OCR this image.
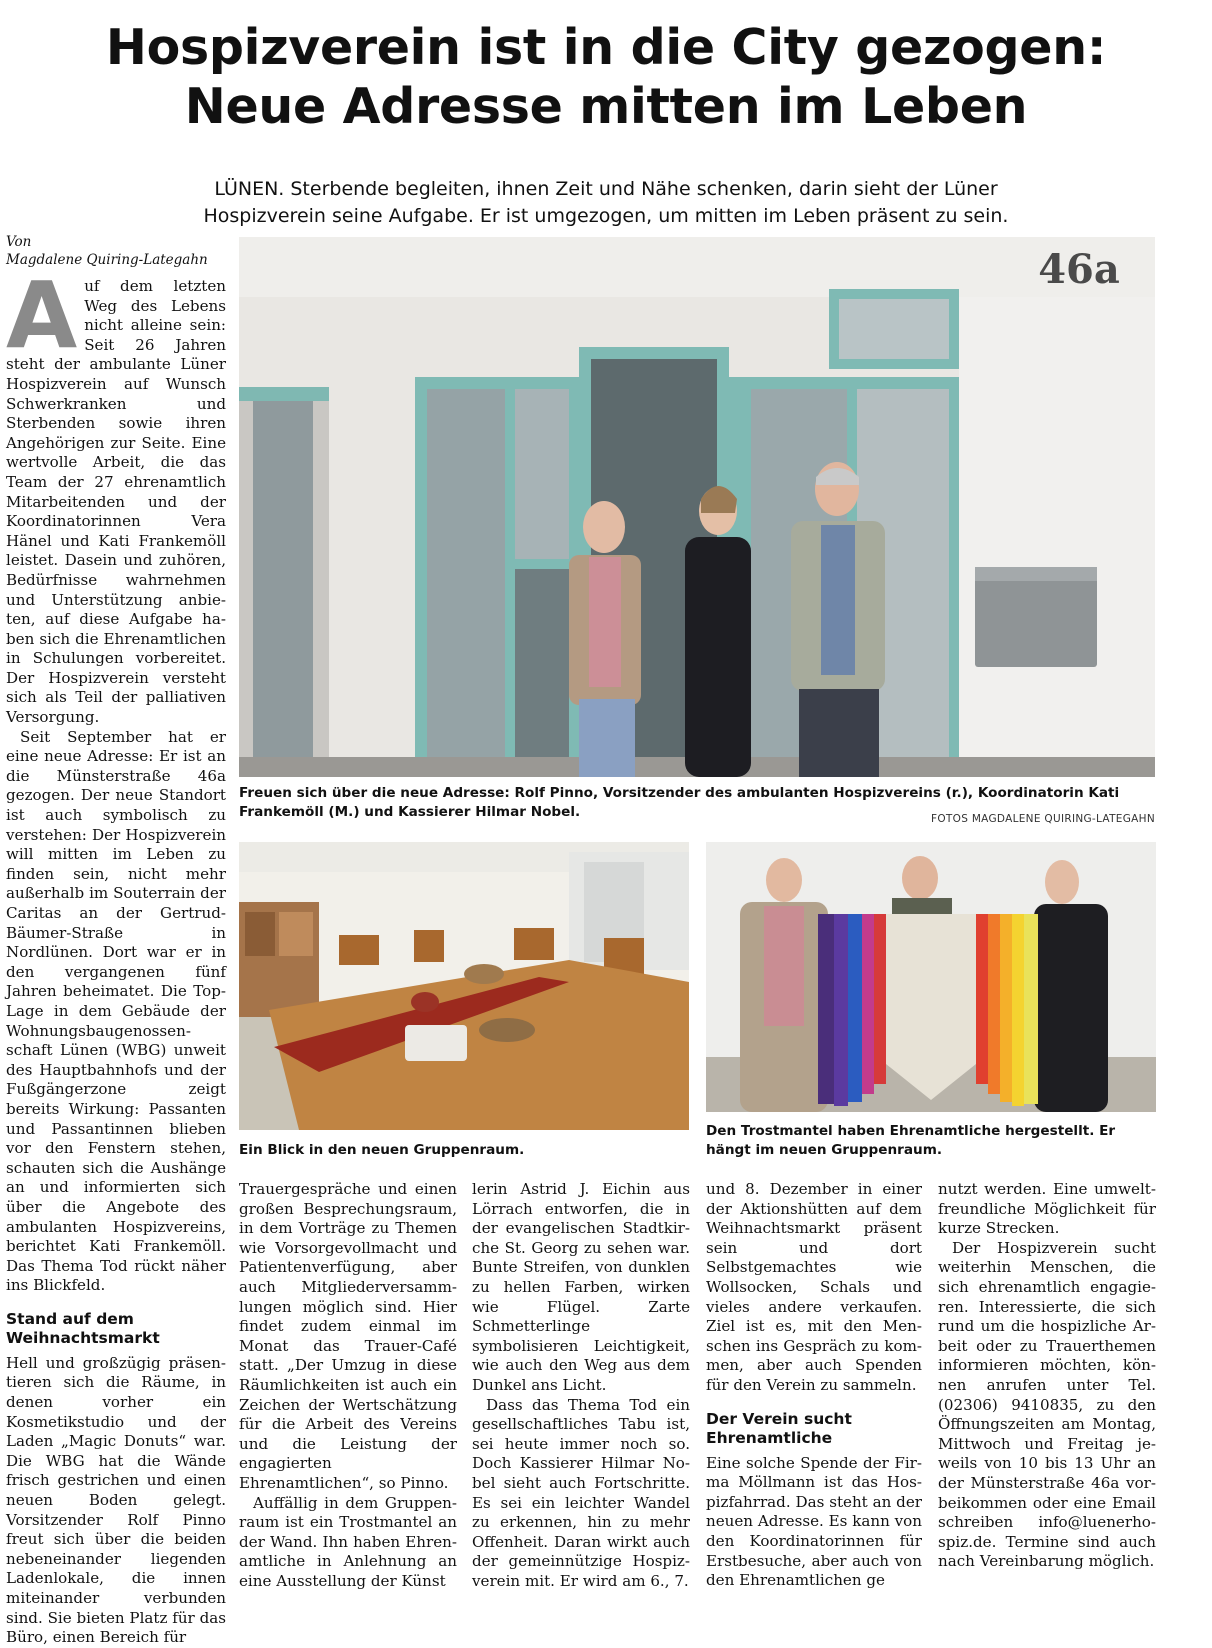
Hospizverein ist in die City gezogen:
Neue Adresse mitten im Leben
LÜNEN. Sterbende begleiten, ihnen Zeit und Nähe schenken, darin sieht der Lüner
Hospizverein seine Aufgabe. Er ist umgezogen, um mitten im Leben präsent zu sein.
Von
Magdalene Quiring-Lategahn

Auf dem letzten Weg des Lebens nicht alleine sein: Seit 26 Jahren steht der ambulante Lüner Hospizverein auf Wunsch Schwerkranken und Sterbenden sowie ihren Angehörigen zur Seite. Eine wertvolle Arbeit, die das Team der 27 ehrenamtlich Mitarbeitenden und der Koordinatorinnen Vera Hänel und Kati Frankemöll leistet. Dasein und zuhören, Bedürfnisse wahrnehmen und Unterstützung anbieten, auf diese Aufgabe haben sich die Ehrenamtlichen in Schulungen vorbereitet. Der Hospizverein versteht sich als Teil der palliativen Versorgung.

Seit September hat er eine neue Adresse: Er ist an die Münsterstraße 46a gezogen. Der neue Standort ist auch symbolisch zu verstehen: Der Hospizverein will mitten im Leben zu finden sein, nicht mehr außerhalb im Souterrain der Caritas an der Gertrud-Bäumer-Straße in Nordlünen. Dort war er in den vergangenen fünf Jahren beheimatet. Die Top-Lage in dem Gebäude der Wohnungsbaugenossenschaft Lünen (WBG) unweit des Hauptbahnhofs und der Fußgängerzone zeigt bereits Wirkung: Passanten und Passantinnen blieben vor den Fenstern stehen, schauten sich die Aushänge an und informierten sich über die Angebote des ambulanten Hospizvereins, berichtet Kati Frankemöll. Das Thema Tod rückt näher ins Blickfeld.

Stand auf dem Weihnachtsmarkt

Hell und großzügig präsentieren sich die Räume, in denen vorher ein Kosmetikstudio und der Laden „Magic Donuts“ war. Die WBG hat die Wände frisch gestrichen und einen neuen Boden gelegt. Vorsitzender Rolf Pinno freut sich über die beiden nebeneinander liegenden Ladenlokale, die innen miteinander verbunden sind. Sie bieten Platz für das Büro, einen Bereich für

46a
Freuen sich über die neue Adresse: Rolf Pinno, Vorsitzender des ambulanten Hospizvereins (r.), Koordinatorin Kati Frankemöll (M.) und Kassierer Hilmar Nobel.	FOTOS MAGDALENE QUIRING-LATEGAHN
Ein Blick in den neuen Gruppenraum.
Den Trostmantel haben Ehrenamtliche hergestellt. Er hängt im neuen Gruppenraum.

Trauergespräche und einen großen Besprechungsraum, in dem Vorträge zu Themen wie Vorsorgevollmacht und Patientenverfügung, aber auch Mitgliederversammlungen möglich sind. Hier findet zudem einmal im Monat das Trauer-Café statt. „Der Umzug in diese Räumlichkeiten ist auch ein Zeichen der Wertschätzung für die Arbeit des Vereins und die Leistung der engagierten Ehrenamtlichen“, so Pinno.

Auffällig in dem Gruppenraum ist ein Trostmantel an der Wand. Ihn haben Ehrenamtliche in Anlehnung an eine Ausstellung der Künst

lerin Astrid J. Eichin aus Lörrach entworfen, die in der evangelischen Stadtkirche St. Georg zu sehen war. Bunte Streifen, von dunklen zu hellen Farben, wirken wie Flügel. Zarte Schmetterlinge symbolisieren Leichtigkeit, wie auch den Weg aus dem Dunkel ans Licht.

Dass das Thema Tod ein gesellschaftliches Tabu ist, sei heute immer noch so. Doch Kassierer Hilmar Nobel sieht auch Fortschritte. Es sei ein leichter Wandel zu erkennen, hin zu mehr Offenheit. Daran wirkt auch der gemeinnützige Hospizverein mit. Er wird am 6., 7.

und 8. Dezember in einer der Aktionshütten auf dem Weihnachtsmarkt präsent sein und dort Selbstgemachtes wie Wollsocken, Schals und vieles andere verkaufen. Ziel ist es, mit den Menschen ins Gespräch zu kommen, aber auch Spenden für den Verein zu sammeln.

Der Verein sucht Ehrenamtliche

Eine solche Spende der Firma Möllmann ist das Hospizfahrrad. Das steht an der neuen Adresse. Es kann von den Koordinatorinnen für Erstbesuche, aber auch von den Ehrenamtlichen ge

nutzt werden. Eine umweltfreundliche Möglichkeit für kurze Strecken.

Der Hospizverein sucht weiterhin Menschen, die sich ehrenamtlich engagieren. Interessierte, die sich rund um die hospizliche Arbeit oder zu Trauerthemen informieren möchten, können anrufen unter Tel. (02306) 9410835, zu den Öffnungszeiten am Montag, Mittwoch und Freitag jeweils von 10 bis 13 Uhr an der Münsterstraße 46a vorbeikommen oder eine Email schreiben info@luenerhospiz.de. Termine sind auch nach Vereinbarung möglich.
